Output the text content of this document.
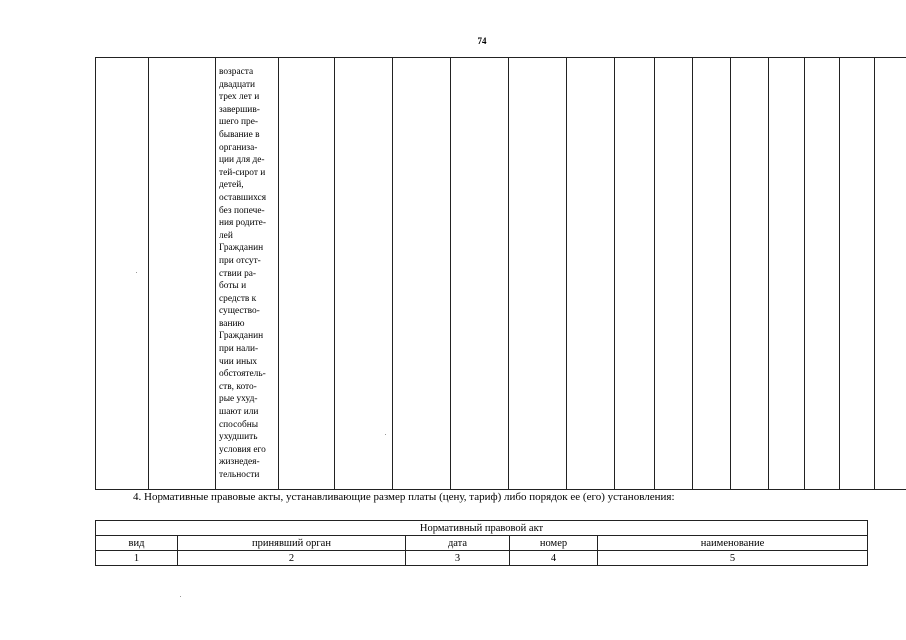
74

возраста
двадцати
трех лет и
завершив-
шего пре-
бывание в
организа-
ции для де-
тей-сирот и
детей,
оставшихся
без попече-
ния родите-
лей
Гражданин
при отсут-
ствии ра-
боты и
средств к
существо-
ванию
Гражданин
при нали-
чии иных
обстоятель-
ств, кото-
рые ухуд-
шают или
способны
ухудшить
условия его
жизнедея-
тельности

4. Нормативные правовые акты, устанавливающие размер платы (цену, тариф) либо порядок ее (его) установления:
Нормативный правовой акт				
вид	принявший орган	дата	номер	наименование
1	2	3	4	5
